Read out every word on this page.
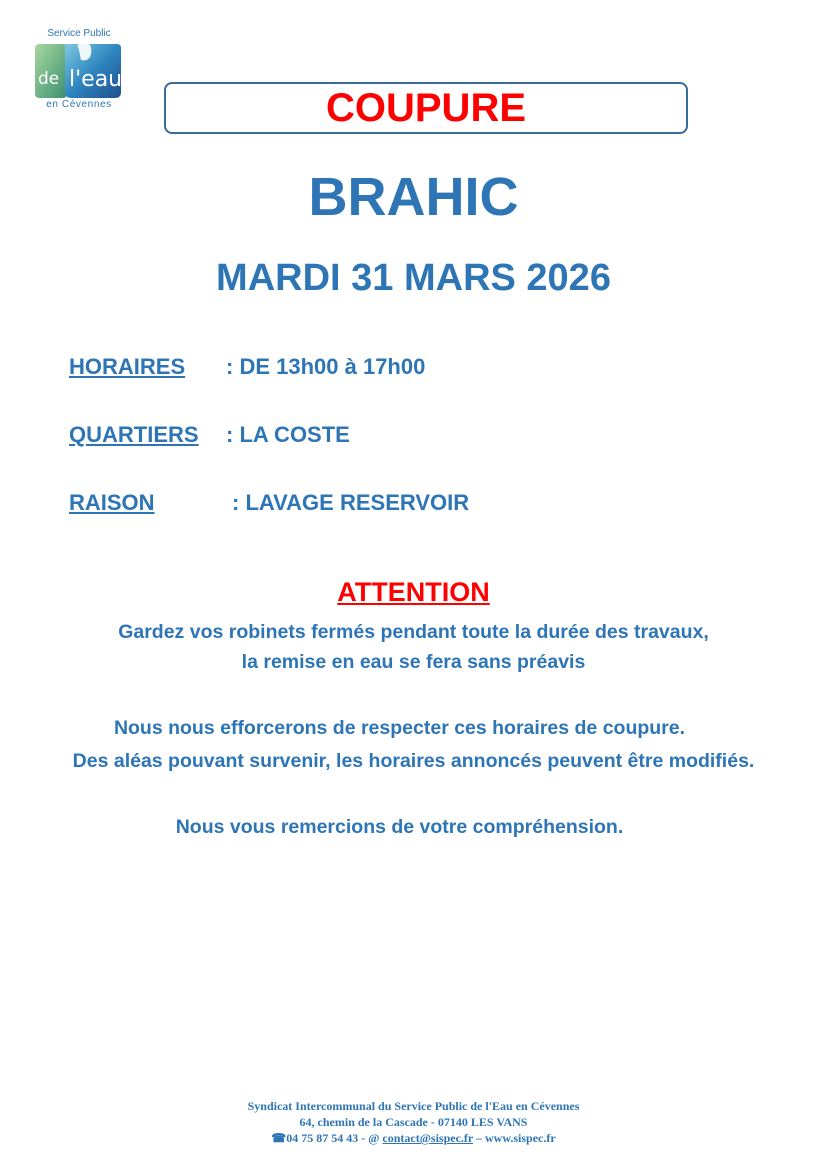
Service Public
de l'eau
en Cévennes	COUPURE
BRAHIC
MARDI 31 MARS 2026
HORAIRES : DE 13h00 à 17h00
QUARTIERS : LA COSTE
RAISON	: LAVAGE RESERVOIR
ATTENTION
Gardez vos robinets fermés pendant toute la durée des travaux,
la remise en eau se fera sans préavis
Nous nous efforcerons de respecter ces horaires de coupure.
Des aléas pouvant survenir, les horaires annoncés peuvent être modifiés.
Nous vous remercions de votre compréhension.
Syndicat Intercommunal du Service Public de l'Eau en Cévennes
64, chemin de la Cascade - 07140 LES VANS
☎04 75 87 54 43 - @ contact@sispec.fr – www.sispec.fr
